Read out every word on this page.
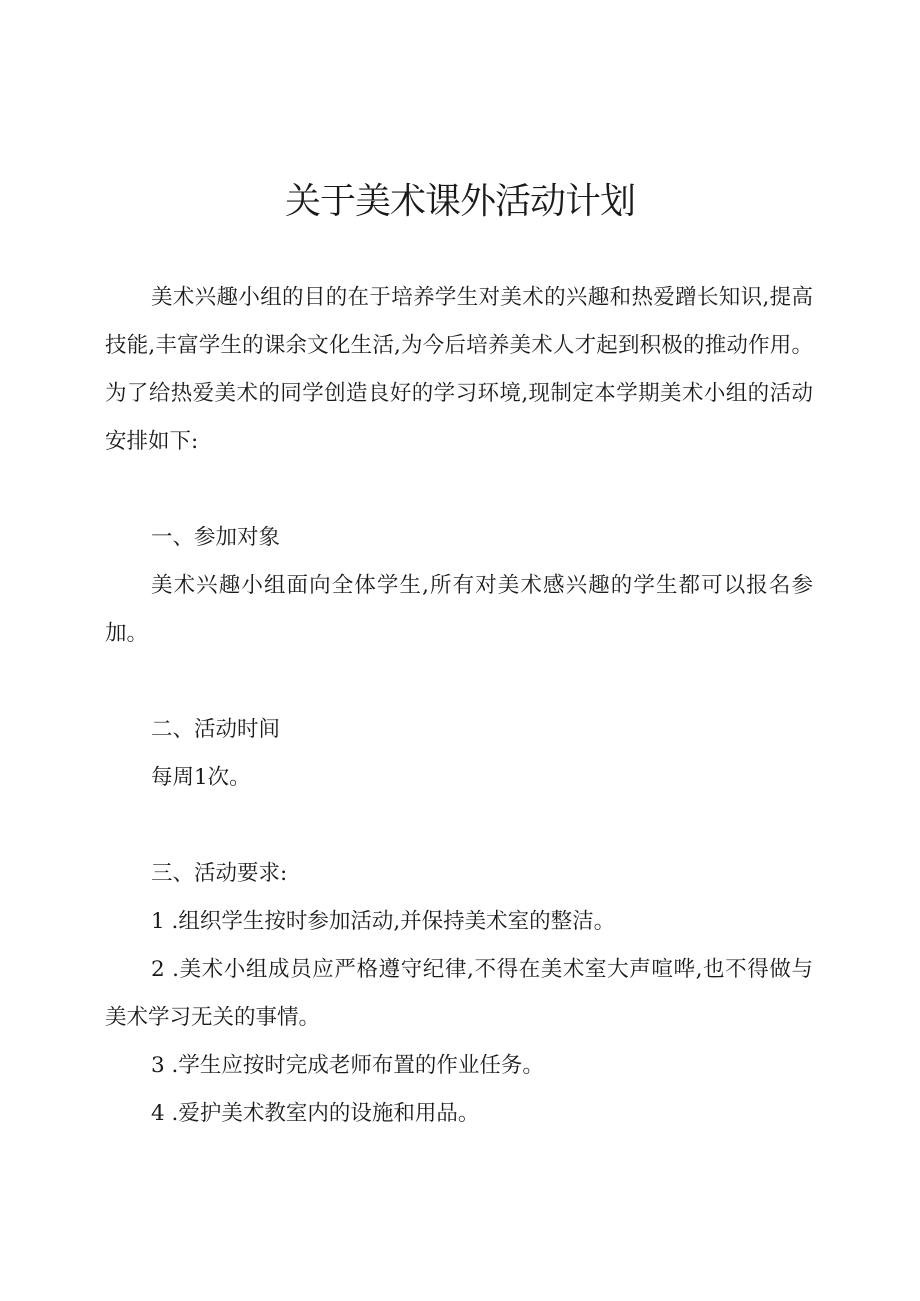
关于美术课外活动计划

美术兴趣小组的目的在于培养学生对美术的兴趣和热爱蹭长知识,提高技能,丰富学生的课余文化生活,为今后培养美术人才起到积极的推动作用。为了给热爱美术的同学创造良好的学习环境,现制定本学期美术小组的活动安排如下:

一、参加对象

美术兴趣小组面向全体学生,所有对美术感兴趣的学生都可以报名参加。

二、活动时间

每周1次。

三、活动要求:

1 .组织学生按时参加活动,并保持美术室的整洁。

2 .美术小组成员应严格遵守纪律,不得在美术室大声喧哗,也不得做与美术学习无关的事情。

3 .学生应按时完成老师布置的作业任务。

4 .爱护美术教室内的设施和用品。
